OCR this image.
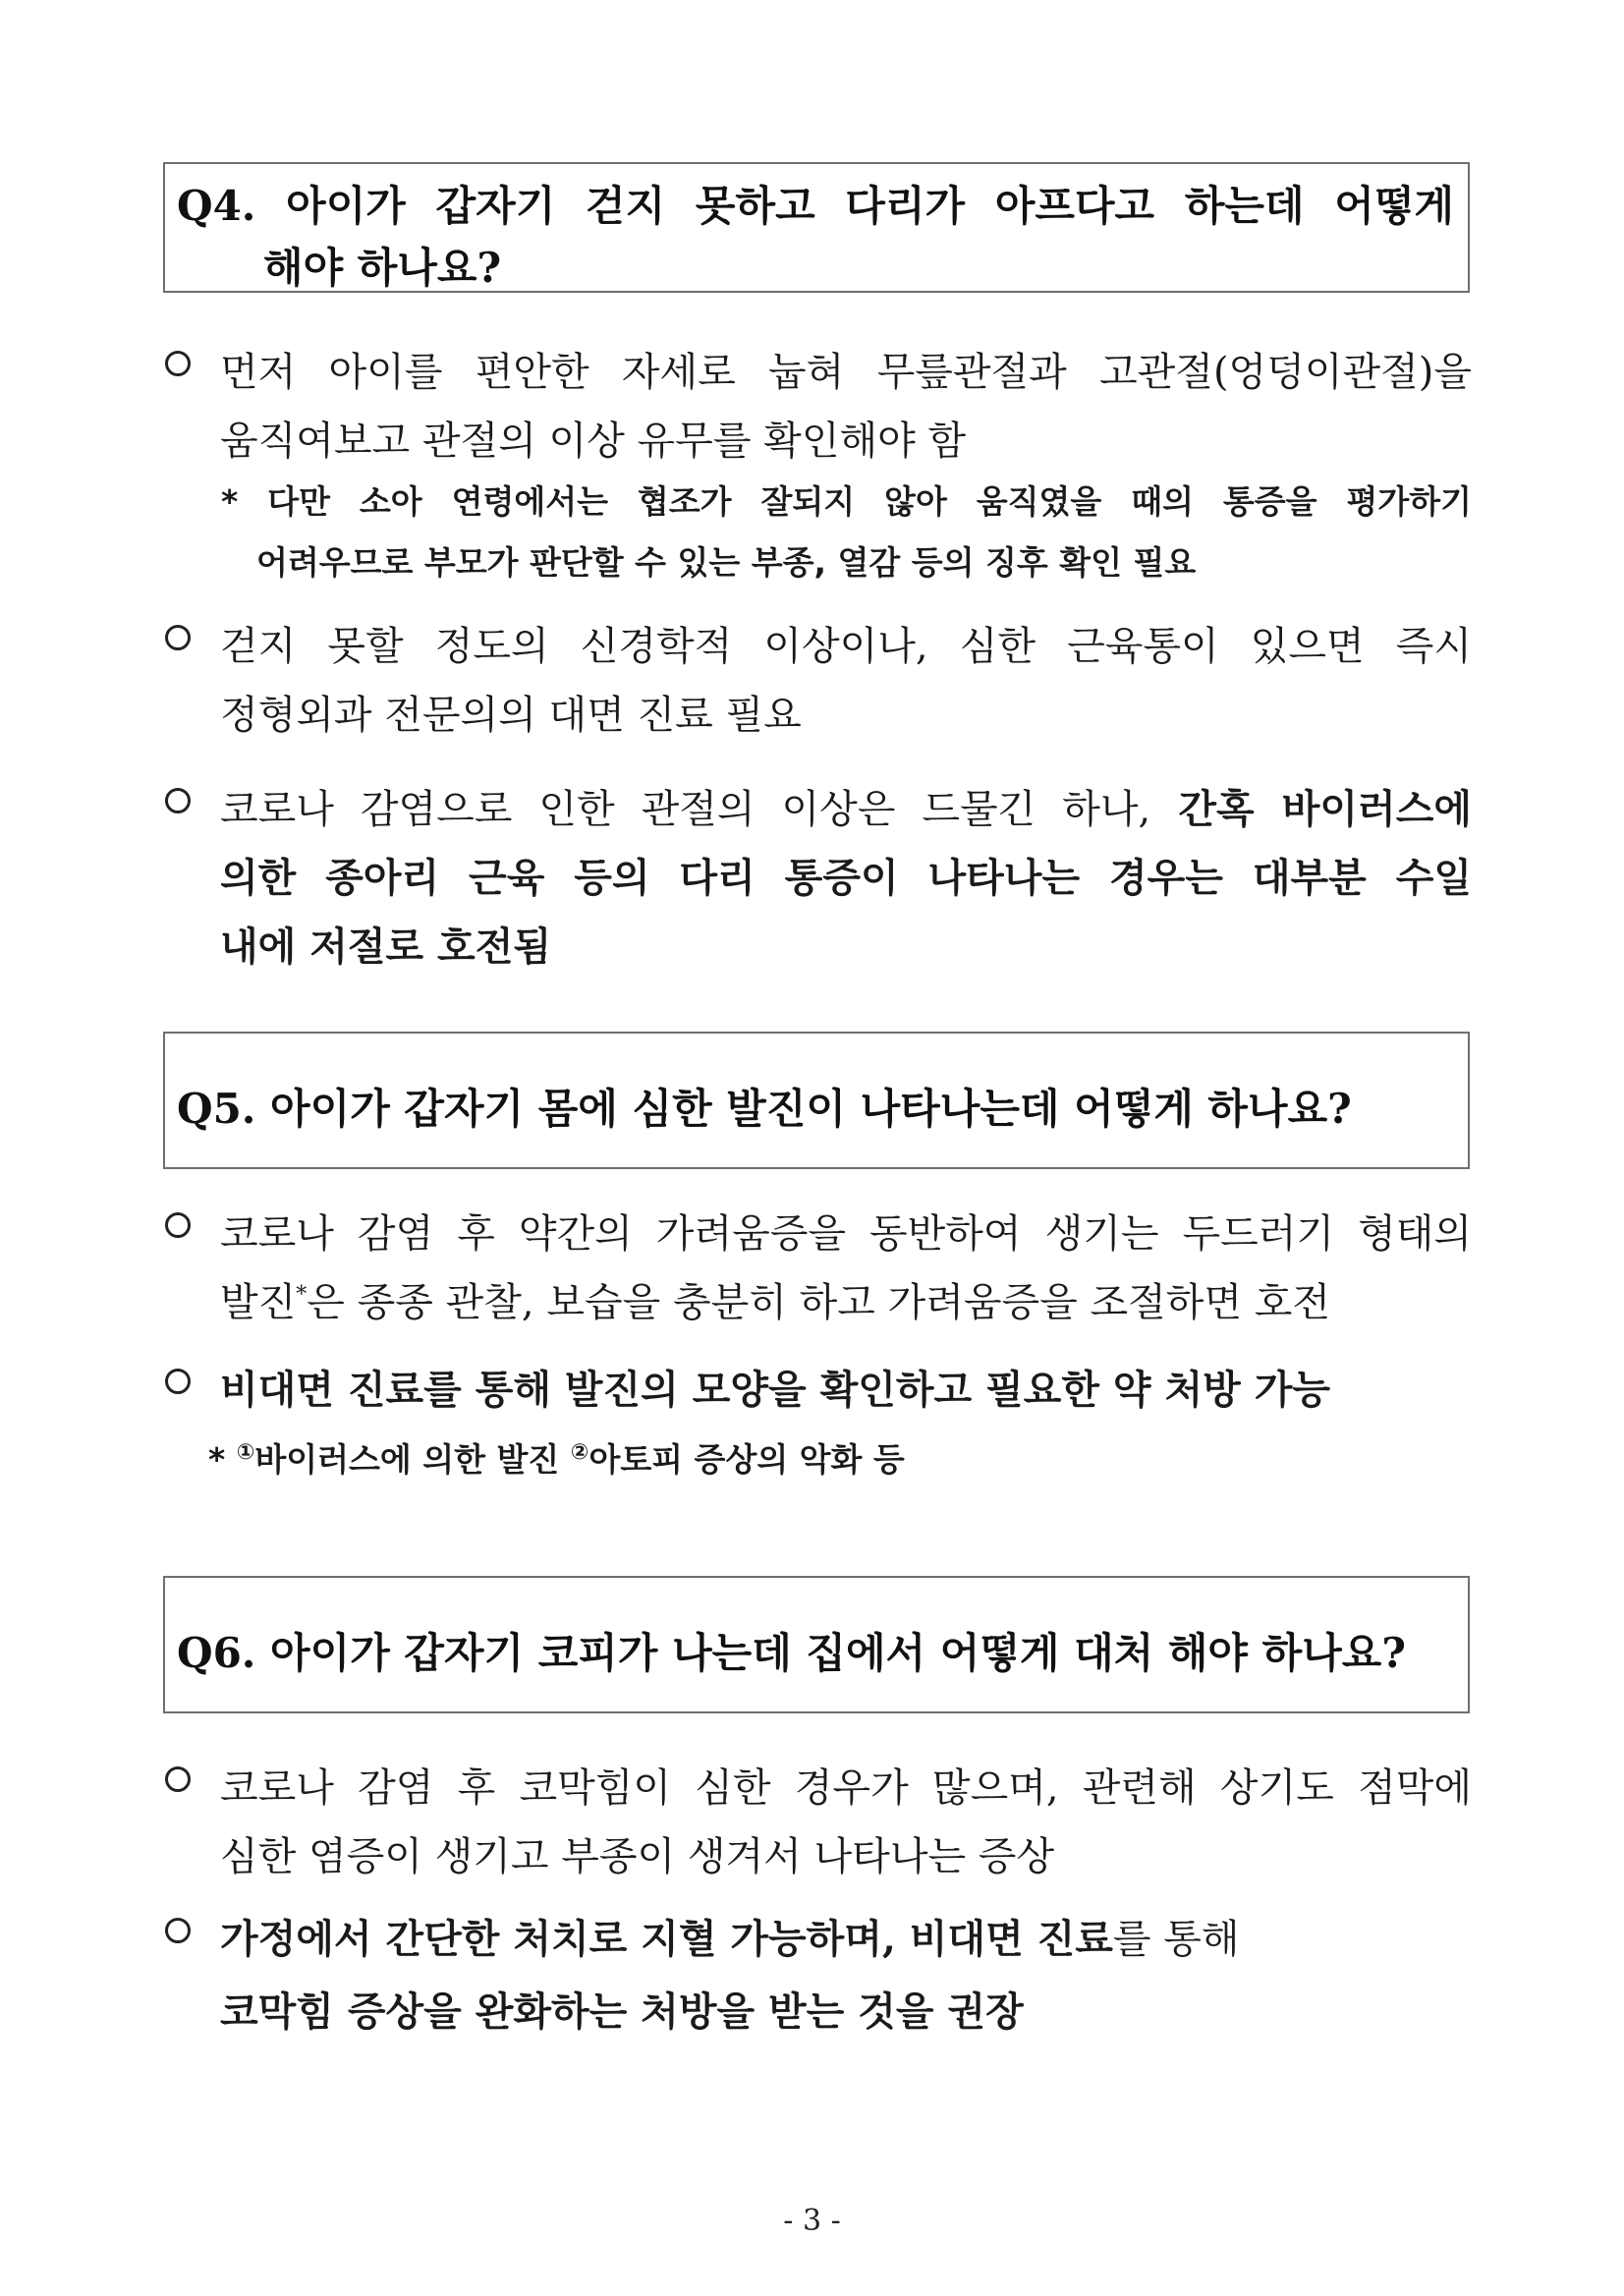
Q4. 아이가 갑자기 걷지 못하고 다리가 아프다고 하는데 어떻게
해야 하나요?
먼저 아이를 편안한 자세로 눕혀 무릎관절과 고관절(엉덩이관절)을
움직여보고 관절의 이상 유무를 확인해야 함
* 다만 소아 연령에서는 협조가 잘되지 않아 움직였을 때의 통증을 평가하기
어려우므로 부모가 판단할 수 있는 부종, 열감 등의 징후 확인 필요
걷지 못할 정도의 신경학적 이상이나, 심한 근육통이 있으면 즉시
정형외과 전문의의 대면 진료 필요
코로나 감염으로 인한 관절의 이상은 드물긴 하나, 간혹 바이러스에
의한 종아리 근육 등의 다리 통증이 나타나는 경우는 대부분 수일
내에 저절로 호전됨
Q5. 아이가 갑자기 몸에 심한 발진이 나타나는데 어떻게 하나요?
코로나 감염 후 약간의 가려움증을 동반하여 생기는 두드러기 형태의
발진*은 종종 관찰, 보습을 충분히 하고 가려움증을 조절하면 호전
비대면 진료를 통해 발진의 모양을 확인하고 필요한 약 처방 가능
* ①바이러스에 의한 발진 ②아토피 증상의 악화 등
Q6. 아이가 갑자기 코피가 나는데 집에서 어떻게 대처 해야 하나요?
코로나 감염 후 코막힘이 심한 경우가 많으며, 관련해 상기도 점막에
심한 염증이 생기고 부종이 생겨서 나타나는 증상
가정에서 간단한 처치로 지혈 가능하며, 비대면 진료를 통해
코막힘 증상을 완화하는 처방을 받는 것을 권장
- 3 -
